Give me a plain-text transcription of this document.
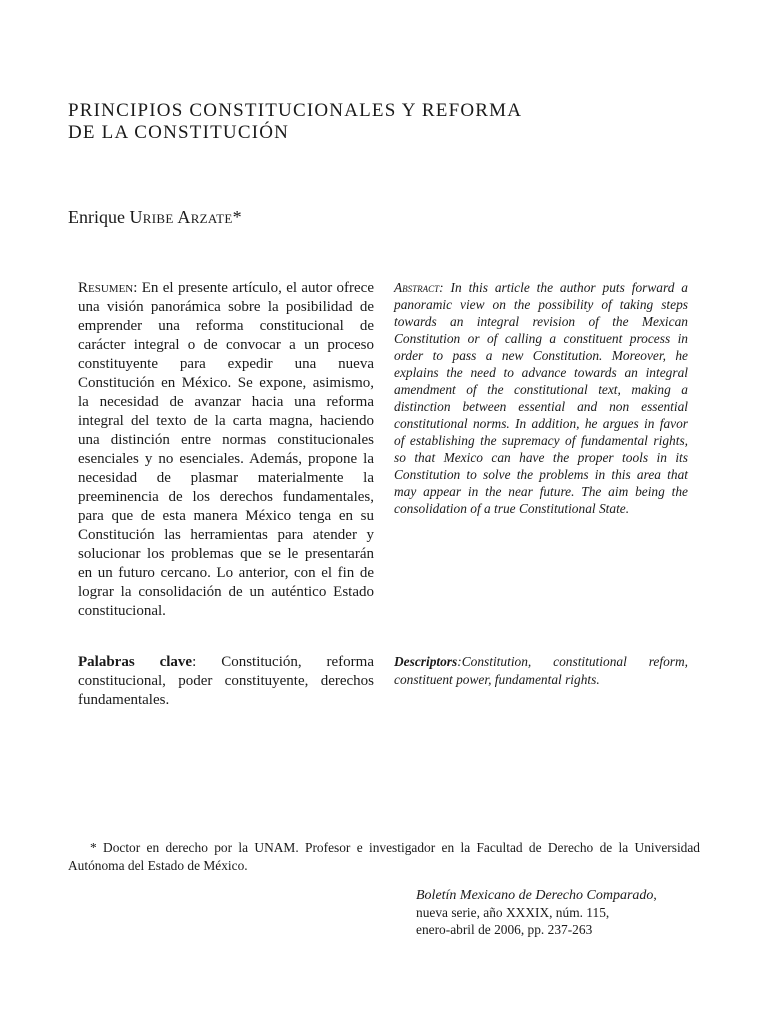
PRINCIPIOS CONSTITUCIONALES Y REFORMA
DE LA CONSTITUCIÓN
Enrique Uribe Arzate*
Resumen: En el presente artículo, el autor ofrece una visión panorámica sobre la posibilidad de emprender una reforma constitucional de carácter integral o de convocar a un proceso constituyente para expedir una nueva Constitución en México. Se expone, asimismo, la necesidad de avanzar hacia una reforma integral del texto de la carta magna, haciendo una distinción entre normas constitucionales esenciales y no esenciales. Además, propone la necesidad de plasmar materialmente la preeminencia de los derechos fundamentales, para que de esta manera México tenga en su Constitución las herramientas para atender y solucionar los problemas que se le presentarán en un futuro cercano. Lo anterior, con el fin de lograr la consolidación de un auténtico Estado constitucional.
Abstract: In this article the author puts forward a panoramic view on the possibility of taking steps towards an integral revision of the Mexican Constitution or of calling a constituent process in order to pass a new Constitution. Moreover, he explains the need to advance towards an integral amendment of the constitutional text, making a distinction between essential and non essential constitutional norms. In addition, he argues in favor of establishing the supremacy of fundamental rights, so that Mexico can have the proper tools in its Constitution to solve the problems in this area that may appear in the near future. The aim being the consolidation of a true Constitutional State.
Palabras clave: Constitución, reforma constitucional, poder constituyente, derechos fundamentales.
Descriptors:Constitution, constitutional reform, constituent power, fundamental rights.
* Doctor en derecho por la UNAM. Profesor e investigador en la Facultad de Derecho de la Universidad Autónoma del Estado de México.
Boletín Mexicano de Derecho Comparado,
nueva serie, año XXXIX, núm. 115,
enero-abril de 2006, pp. 237-263
